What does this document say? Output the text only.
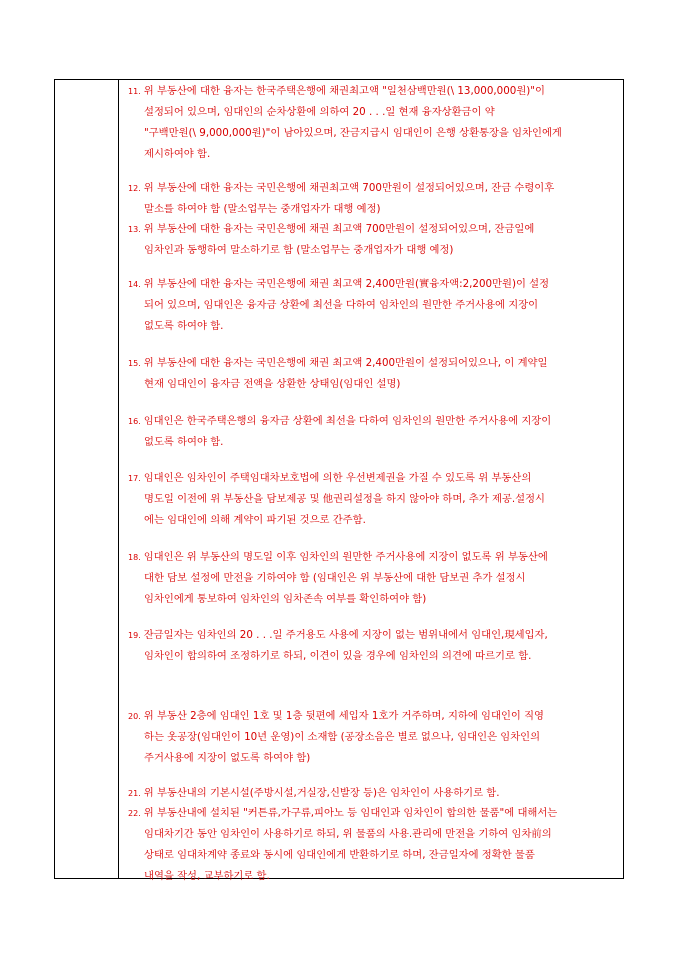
11. 위 부동산에 대한 융자는 한국주택은행에 채권최고액 "일천삼백만원(\ 13,000,000원)"이
설정되어 있으며, 임대인의 순차상환에 의하여 20 . . .일 현재 융자상환금이 약
"구백만원(\ 9,000,000원)"이 남아있으며, 잔금지급시 임대인이 은행 상환통장을 임차인에게
제시하여야 함.
12. 위 부동산에 대한 융자는 국민은행에 채권최고액 700만원이 설정되어있으며, 잔금 수령이후
말소를 하여야 함 (말소업무는 중개업자가 대행 예정)
13. 위 부동산에 대한 융자는 국민은행에 채권 최고액 700만원이 설정되어있으며, 잔금일에
임차인과 동행하여 말소하기로 함 (말소업무는 중개업자가 대행 예정)
14. 위 부동산에 대한 융자는 국민은행에 채권 최고액 2,400만원(實융자액:2,200만원)이 설정
되어 있으며, 임대인은 융자금 상환에 최선을 다하여 임차인의 원만한 주거사용에 지장이
없도록 하여야 함.
15. 위 부동산에 대한 융자는 국민은행에 채권 최고액 2,400만원이 설정되어있으나, 이 계약일
현재 임대인이 융자금 전액을 상환한 상태임(임대인 설명)
16. 임대인은 한국주택은행의 융자금 상환에 최선을 다하여 임차인의 원만한 주거사용에 지장이
없도록 하여야 함.
17. 임대인은 임차인이 주택임대차보호법에 의한 우선변제권을 가질 수 있도록 위 부동산의
명도일 이전에 위 부동산을 담보제공 및 他권리설정을 하지 않아야 하며, 추가 제공.설정시
에는 임대인에 의해 계약이 파기된 것으로 간주함.
18. 임대인은 위 부동산의 명도일 이후 임차인의 원만한 주거사용에 지장이 없도록 위 부동산에
대한 담보 설정에 만전을 기하여야 함 (임대인은 위 부동산에 대한 담보권 추가 설정시
임차인에게 통보하여 임차인의 임차존속 여부를 확인하여야 함)
19. 잔금일자는 임차인의 20 . . .일 주거용도 사용에 지장이 없는 범위내에서 임대인,現세입자,
임차인이 합의하여 조정하기로 하되, 이견이 있을 경우에 임차인의 의견에 따르기로 함.
20. 위 부동산 2층에 임대인 1호 및 1층 뒷편에 세입자 1호가 거주하며, 지하에 임대인이 직영
하는 옷공장(임대인이 10년 운영)이 소재함 (공장소음은 별로 없으나, 임대인은 임차인의
주거사용에 지장이 없도록 하여야 함)
21. 위 부동산내의 기본시설(주방시설,거실장,신발장 등)은 임차인이 사용하기로 함.
22. 위 부동산내에 설치된 "커튼류,가구류,피아노 등 임대인과 임차인이 합의한 물품"에 대해서는
임대차기간 동안 임차인이 사용하기로 하되, 위 물품의 사용.관리에 만전을 기하여 임차前의
상태로 임대차계약 종료와 동시에 임대인에게 반환하기로 하며, 잔금일자에 정확한 물품
내역을 작성, 교부하기로 함.
